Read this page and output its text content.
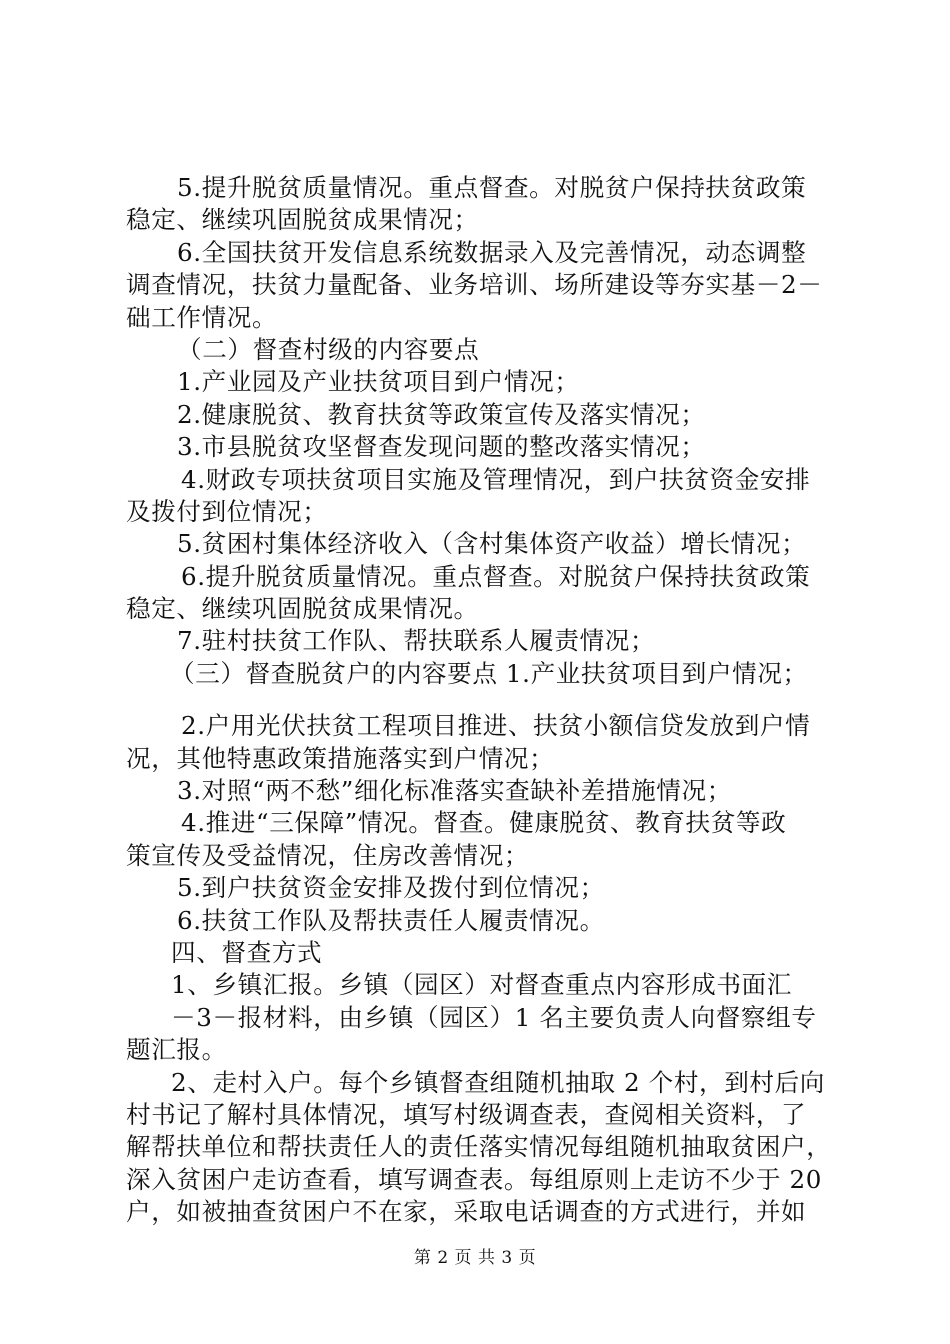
5.提升脱贫质量情况。重点督查。对脱贫户保持扶贫政策
稳定、继续巩固脱贫成果情况；
6.全国扶贫开发信息系统数据录入及完善情况，动态调整
调查情况，扶贫力量配备、业务培训、场所建设等夯实基－2－
础工作情况。
（二）督查村级的内容要点
1.产业园及产业扶贫项目到户情况；
2.健康脱贫、教育扶贫等政策宣传及落实情况；
3.市县脱贫攻坚督查发现问题的整改落实情况；
4.财政专项扶贫项目实施及管理情况，到户扶贫资金安排
及拨付到位情况；
5.贫困村集体经济收入（含村集体资产收益）增长情况；
6.提升脱贫质量情况。重点督查。对脱贫户保持扶贫政策
稳定、继续巩固脱贫成果情况。
7.驻村扶贫工作队、帮扶联系人履责情况；
（三）督查脱贫户的内容要点 1.产业扶贫项目到户情况；
2.户用光伏扶贫工程项目推进、扶贫小额信贷发放到户情
况，其他特惠政策措施落实到户情况；
3.对照“两不愁”细化标准落实查缺补差措施情况；
4.推进“三保障”情况。督查。健康脱贫、教育扶贫等政
策宣传及受益情况，住房改善情况；
5.到户扶贫资金安排及拨付到位情况；
6.扶贫工作队及帮扶责任人履责情况。
四、督查方式
1、乡镇汇报。乡镇（园区）对督查重点内容形成书面汇
－3－报材料，由乡镇（园区）1 名主要负责人向督察组专
题汇报。
2、走村入户。每个乡镇督查组随机抽取 2 个村，到村后向
村书记了解村具体情况，填写村级调查表，查阅相关资料，了
解帮扶单位和帮扶责任人的责任落实情况每组随机抽取贫困户，
深入贫困户走访查看，填写调查表。每组原则上走访不少于 20
户，如被抽查贫困户不在家，采取电话调查的方式进行，并如
第 2 页 共 3 页
